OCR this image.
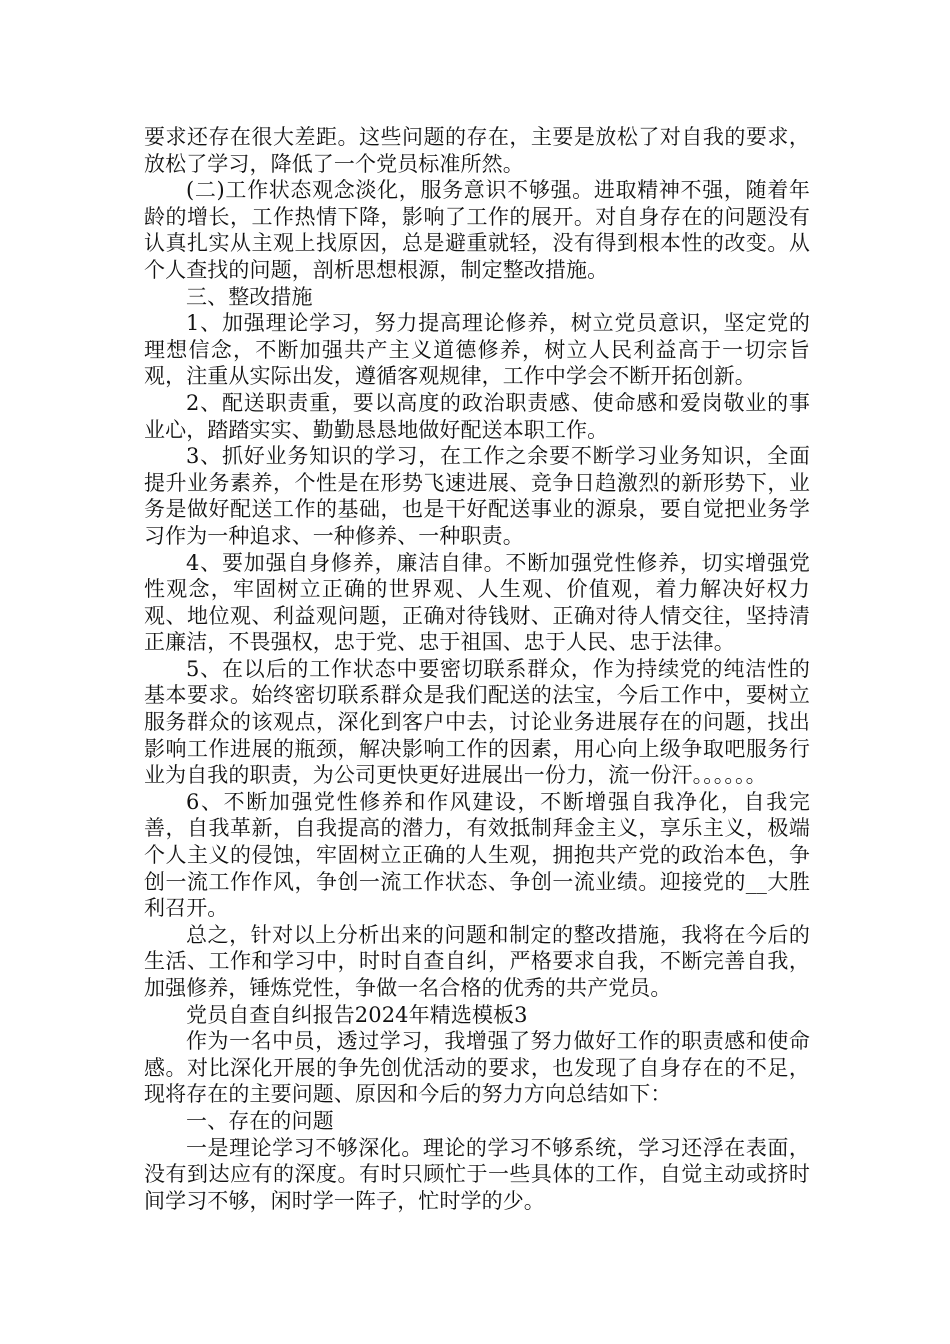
要求还存在很大差距。这些问题的存在，主要是放松了对自我的要求，放松了学习，降低了一个党员标准所然。

(二)工作状态观念淡化，服务意识不够强。进取精神不强，随着年龄的增长，工作热情下降，影响了工作的展开。对自身存在的问题没有认真扎实从主观上找原因，总是避重就轻，没有得到根本性的改变。从个人查找的问题，剖析思想根源，制定整改措施。

三、整改措施

1、加强理论学习，努力提高理论修养，树立党员意识，坚定党的理想信念，不断加强共产主义道德修养，树立人民利益高于一切宗旨观，注重从实际出发，遵循客观规律，工作中学会不断开拓创新。

2、配送职责重，要以高度的政治职责感、使命感和爱岗敬业的事业心，踏踏实实、勤勤恳恳地做好配送本职工作。

3、抓好业务知识的学习，在工作之余要不断学习业务知识，全面提升业务素养，个性是在形势飞速进展、竞争日趋激烈的新形势下，业务是做好配送工作的基础，也是干好配送事业的源泉，要自觉把业务学习作为一种追求、一种修养、一种职责。

4、要加强自身修养，廉洁自律。不断加强党性修养，切实增强党性观念，牢固树立正确的世界观、人生观、价值观，着力解决好权力观、地位观、利益观问题，正确对待钱财、正确对待人情交往，坚持清正廉洁，不畏强权，忠于党、忠于祖国、忠于人民、忠于法律。

5、在以后的工作状态中要密切联系群众，作为持续党的纯洁性的基本要求。始终密切联系群众是我们配送的法宝，今后工作中，要树立服务群众的该观点，深化到客户中去，讨论业务进展存在的问题，找出影响工作进展的瓶颈，解决影响工作的因素，用心向上级争取吧服务行业为自我的职责，为公司更快更好进展出一份力，流一份汗。。。。。。

6、不断加强党性修养和作风建设，不断增强自我净化，自我完善，自我革新，自我提高的潜力，有效抵制拜金主义，享乐主义，极端个人主义的侵蚀，牢固树立正确的人生观，拥抱共产党的政治本色，争创一流工作作风，争创一流工作状态、争创一流业绩。迎接党的__大胜利召开。

总之，针对以上分析出来的问题和制定的整改措施，我将在今后的生活、工作和学习中，时时自查自纠，严格要求自我，不断完善自我，加强修养，锤炼党性，争做一名合格的优秀的共产党员。

党员自查自纠报告2024年精选模板3

作为一名中员，透过学习，我增强了努力做好工作的职责感和使命感。对比深化开展的争先创优活动的要求，也发现了自身存在的不足，现将存在的主要问题、原因和今后的努力方向总结如下：

一、存在的问题

一是理论学习不够深化。理论的学习不够系统，学习还浮在表面，没有到达应有的深度。有时只顾忙于一些具体的工作，自觉主动或挤时间学习不够，闲时学一阵子，忙时学的少。
